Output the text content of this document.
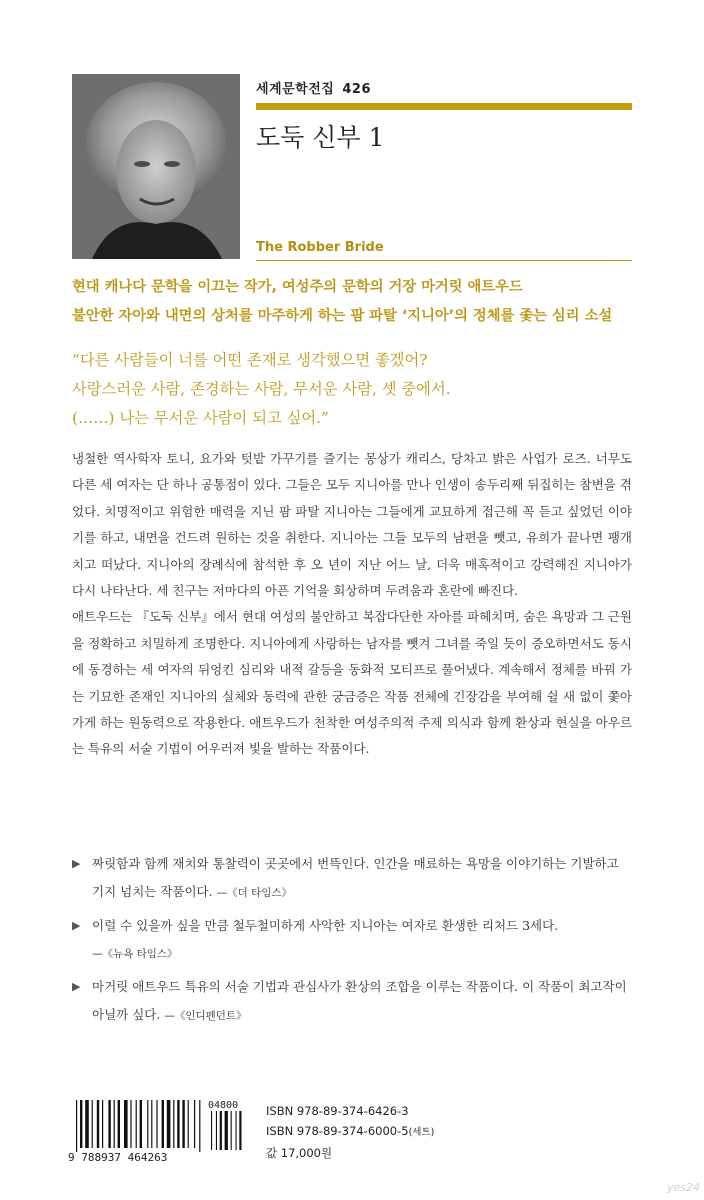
세계문학전집 426
도둑 신부 1
The Robber Bride
현대 캐나다 문학을 이끄는 작가, 여성주의 문학의 거장 마거릿 애트우드
불안한 자아와 내면의 상처를 마주하게 하는 팜 파탈 ‘지니아’의 정체를 좇는 심리 소설
“다른 사람들이 너를 어떤 존재로 생각했으면 좋겠어?
사랑스러운 사람, 존경하는 사람, 무서운 사람, 셋 중에서.
(……) 나는 무서운 사람이 되고 싶어.”

냉철한 역사학자 토니, 요가와 텃밭 가꾸기를 즐기는 몽상가 캐리스, 당차고 밝은 사업가 로즈. 너무도 다른 세 여자는 단 하나 공통점이 있다. 그들은 모두 지니아를 만나 인생이 송두리째 뒤집히는 참변을 겪었다. 치명적이고 위험한 매력을 지닌 팜 파탈 지니아는 그들에게 교묘하게 접근해 꼭 듣고 싶었던 이야기를 하고, 내면을 건드려 원하는 것을 취한다. 지니아는 그들 모두의 남편을 뺏고, 유희가 끝나면 팽개치고 떠났다. 지니아의 장례식에 참석한 후 오 년이 지난 어느 날, 더욱 매혹적이고 강력해진 지니아가 다시 나타난다. 세 친구는 저마다의 아픈 기억을 회상하며 두려움과 혼란에 빠진다.

애트우드는 『도둑 신부』에서 현대 여성의 불안하고 복잡다단한 자아를 파헤치며, 숨은 욕망과 그 근원을 정확하고 치밀하게 조명한다. 지니아에게 사랑하는 남자를 뺏겨 그녀를 죽일 듯이 증오하면서도 동시에 동경하는 세 여자의 뒤엉킨 심리와 내적 갈등을 동화적 모티프로 풀어냈다. 계속해서 정체를 바꿔 가는 기묘한 존재인 지니아의 실체와 동력에 관한 궁금증은 작품 전체에 긴장감을 부여해 쉴 새 없이 쫓아가게 하는 원동력으로 작용한다. 애트우드가 천착한 여성주의적 주제 의식과 함께 환상과 현실을 아우르는 특유의 서술 기법이 어우러져 빛을 발하는 작품이다.

▶ 짜릿함과 함께 재치와 통찰력이 곳곳에서 번뜩인다. 인간을 매료하는 욕망을 이야기하는 기발하고 기지 넘치는 작품이다. —《더 타임스》
▶ 이럴 수 있을까 싶을 만큼 철두철미하게 사악한 지니아는 여자로 환생한 리처드 3세다.
—《뉴욕 타임스》
▶ 마거릿 애트우드 특유의 서술 기법과 관심사가 환상의 조합을 이루는 작품이다. 이 작품이 최고작이 아닐까 싶다. —《인디펜던트》
9 788937 464263
04800 ISBN 978-89-374-6426-3
ISBN 978-89-374-6000-5(세트)
값 17,000원
yes24
